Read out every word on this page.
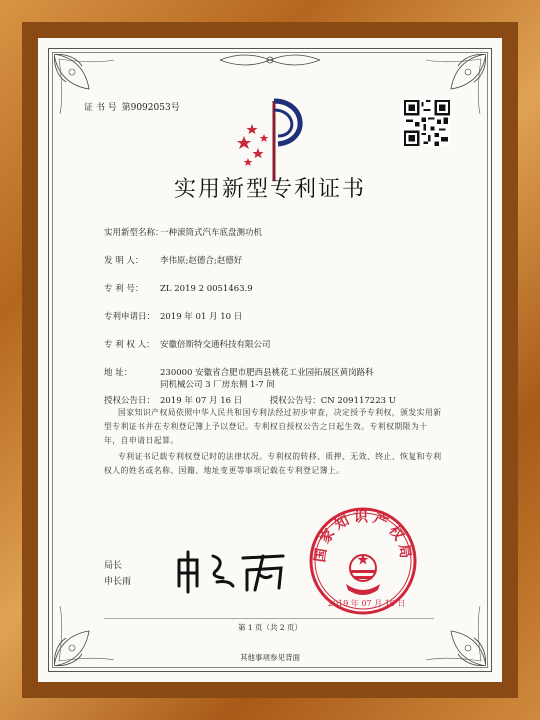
证 书 号 第9092053号
实用新型专利证书
实用新型名称：一种滚筒式汽车底盘测功机
发 明 人： 李伟原;赵德合;赵德好
专 利 号： ZL 2019 2 0051463.9
专利申请日： 2019 年 01 月 10 日
专 利 权 人： 安徽倍斯特交通科技有限公司
地 址：	230000 安徽省合肥市肥西县桃花工业园拓展区黄岗路科
同机械公司 3 厂房东侧 1-7 间
授权公告日： 2019 年 07 月 16 日	授权公告号：CN 209117223 U
国家知识产权局依照中华人民共和国专利法经过初步审查，决定授予专利权，颁发实用新型专利证书并在专利登记簿上予以登记。专利权自授权公告之日起生效。专利权期限为十年，自申请日起算。
专利证书记载专利权登记时的法律状况。专利权的转移、质押、无效、终止、恢复和专利权人的姓名或名称、国籍、地址变更等事项记载在专利登记簿上。
局长
申长雨
国家知识产权局
2019 年 07 月 16 日
第 1 页（共 2 页）
其他事项参见背面
